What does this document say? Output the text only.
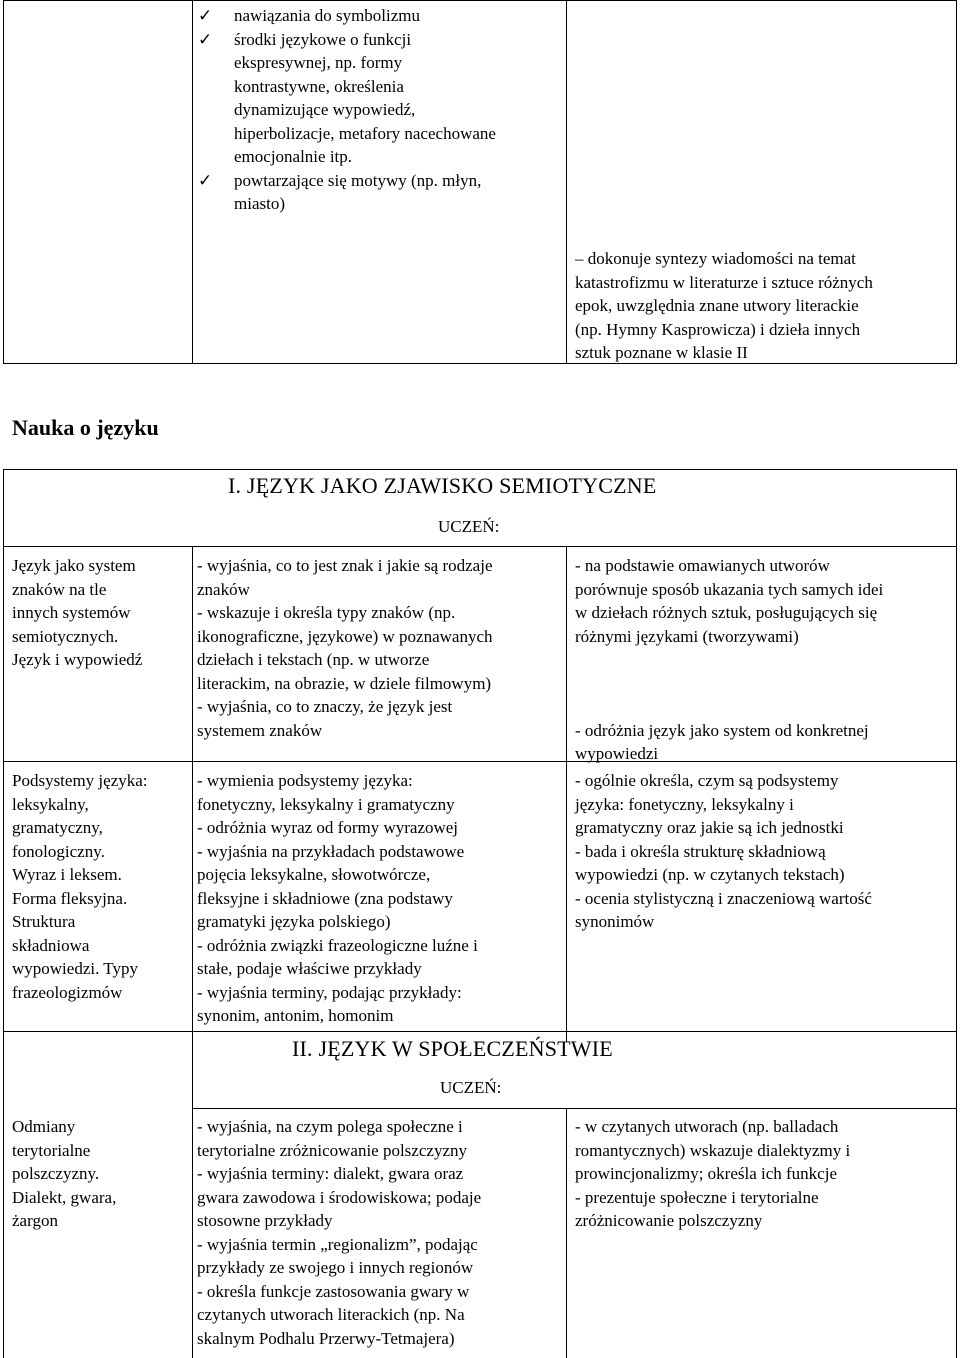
✓ nawiązania do symbolizmu
✓ środki językowe o funkcji
ekspresywnej, np. formy
kontrastywne, określenia
dynamizujące wypowiedź,
hiperbolizacje, metafory nacechowane
emocjonalnie itp.
✓ powtarzające się motywy (np. młyn,
miasto)
– dokonuje syntezy wiadomości na temat
katastrofizmu w literaturze i sztuce różnych
epok, uwzględnia znane utwory literackie
(np. Hymny Kasprowicza) i dzieła innych
sztuk poznane w klasie II
Nauka o języku
I. JĘZYK JAKO ZJAWISKO SEMIOTYCZNE
UCZEŃ:
II. JĘZYK W SPOŁECZEŃSTWIE
UCZEŃ:
Język jako system
znaków na tle
innych systemów
semiotycznych.
Język i wypowiedź
- wyjaśnia, co to jest znak i jakie są rodzaje
znaków
- wskazuje i określa typy znaków (np.
ikonograficzne, językowe) w poznawanych
dziełach i tekstach (np. w utworze
literackim, na obrazie, w dziele filmowym)
- wyjaśnia, co to znaczy, że język jest
systemem znaków
- na podstawie omawianych utworów
porównuje sposób ukazania tych samych idei
w dziełach różnych sztuk, posługujących się
różnymi językami (tworzywami)

- odróżnia język jako system od konkretnej
wypowiedzi
Podsystemy języka:
leksykalny,
gramatyczny,
fonologiczny.
Wyraz i leksem.
Forma fleksyjna.
Struktura
składniowa
wypowiedzi. Typy
frazeologizmów
- wymienia podsystemy języka:
fonetyczny, leksykalny i gramatyczny
- odróżnia wyraz od formy wyrazowej
- wyjaśnia na przykładach podstawowe
pojęcia leksykalne, słowotwórcze,
fleksyjne i składniowe (zna podstawy
gramatyki języka polskiego)
- odróżnia związki frazeologiczne luźne i
stałe, podaje właściwe przykłady
- wyjaśnia terminy, podając przykłady:
synonim, antonim, homonim
- ogólnie określa, czym są podsystemy
języka: fonetyczny, leksykalny i
gramatyczny oraz jakie są ich jednostki
- bada i określa strukturę składniową
wypowiedzi (np. w czytanych tekstach)
- ocenia stylistyczną i znaczeniową wartość
synonimów
Odmiany
terytorialne
polszczyzny.
Dialekt, gwara,
żargon
- wyjaśnia, na czym polega społeczne i
terytorialne zróżnicowanie polszczyzny
- wyjaśnia terminy: dialekt, gwara oraz
gwara zawodowa i środowiskowa; podaje
stosowne przykłady
- wyjaśnia termin „regionalizm”, podając
przykłady ze swojego i innych regionów
- określa funkcje zastosowania gwary w
czytanych utworach literackich (np. Na
skalnym Podhalu Przerwy-Tetmajera)
- w czytanych utworach (np. balladach
romantycznych) wskazuje dialektyzmy i
prowincjonalizmy; określa ich funkcje
- prezentuje społeczne i terytorialne
zróżnicowanie polszczyzny
